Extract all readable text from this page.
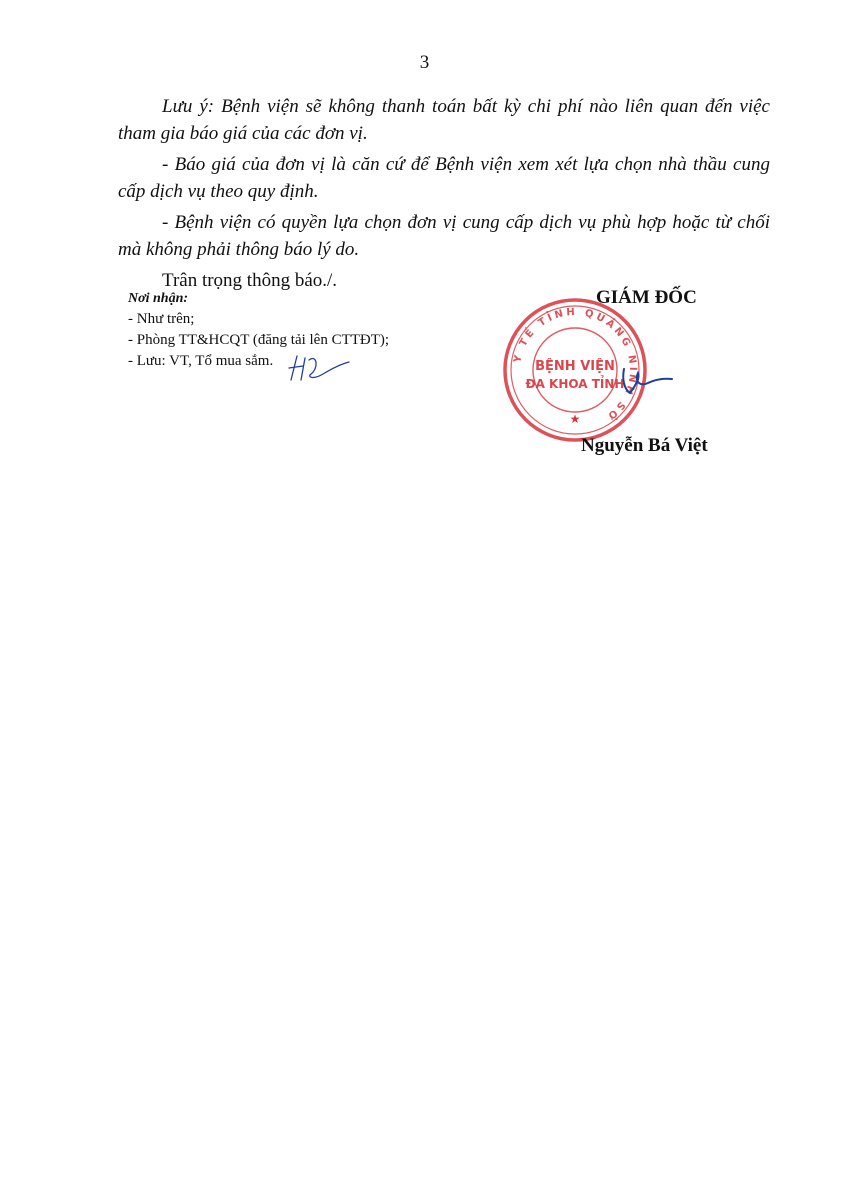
3

Lưu ý: Bệnh viện sẽ không thanh toán bất kỳ chi phí nào liên quan đến việc tham gia báo giá của các đơn vị.

- Báo giá của đơn vị là căn cứ để Bệnh viện xem xét lựa chọn nhà thầu cung cấp dịch vụ theo quy định.

- Bệnh viện có quyền lựa chọn đơn vị cung cấp dịch vụ phù hợp hoặc từ chối mà không phải thông báo lý do.

Trân trọng thông báo./.

Nơi nhận:
- Như trên;
- Phòng TT&HCQT (đăng tải lên CTTĐT);
- Lưu: VT, Tổ mua sắm.	Y TẾ TỈNH QUẢNG NINH SỞ
BỆNH VIỆN
ĐA KHOA TỈNH
★
GIÁM ĐỐC
Nguyễn Bá Việt
